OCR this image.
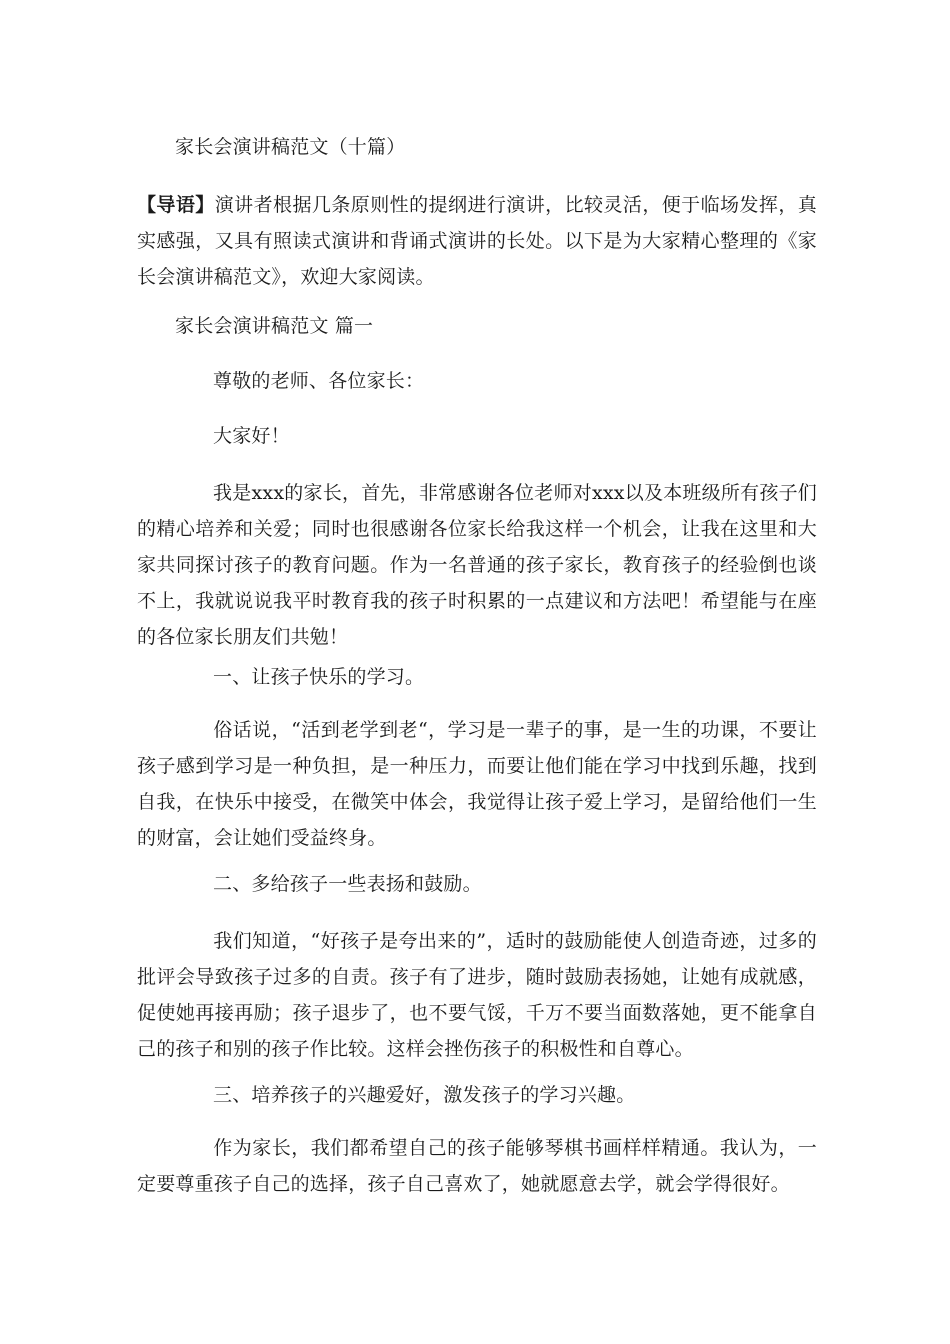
家长会演讲稿范文（十篇）
【导语】演讲者根据几条原则性的提纲进行演讲，比较灵活，便于临场发挥，真实感强，又具有照读式演讲和背诵式演讲的长处。以下是为大家精心整理的《家长会演讲稿范文》，欢迎大家阅读。
家长会演讲稿范文 篇一
尊敬的老师、各位家长：
大家好！
我是xxx的家长，首先，非常感谢各位老师对xxx以及本班级所有孩子们的精心培养和关爱；同时也很感谢各位家长给我这样一个机会，让我在这里和大家共同探讨孩子的教育问题。作为一名普通的孩子家长，教育孩子的经验倒也谈不上，我就说说我平时教育我的孩子时积累的一点建议和方法吧！希望能与在座的各位家长朋友们共勉！
一、让孩子快乐的学习。
俗话说，“活到老学到老“，学习是一辈子的事，是一生的功课，不要让孩子感到学习是一种负担，是一种压力，而要让他们能在学习中找到乐趣，找到自我，在快乐中接受，在微笑中体会，我觉得让孩子爱上学习，是留给他们一生的财富，会让她们受益终身。
二、多给孩子一些表扬和鼓励。
我们知道，“好孩子是夸出来的”，适时的鼓励能使人创造奇迹，过多的批评会导致孩子过多的自责。孩子有了进步，随时鼓励表扬她，让她有成就感，促使她再接再励；孩子退步了，也不要气馁，千万不要当面数落她，更不能拿自己的孩子和别的孩子作比较。这样会挫伤孩子的积极性和自尊心。
三、培养孩子的兴趣爱好，激发孩子的学习兴趣。
作为家长，我们都希望自己的孩子能够琴棋书画样样精通。我认为，一定要尊重孩子自己的选择，孩子自己喜欢了，她就愿意去学，就会学得很好。
